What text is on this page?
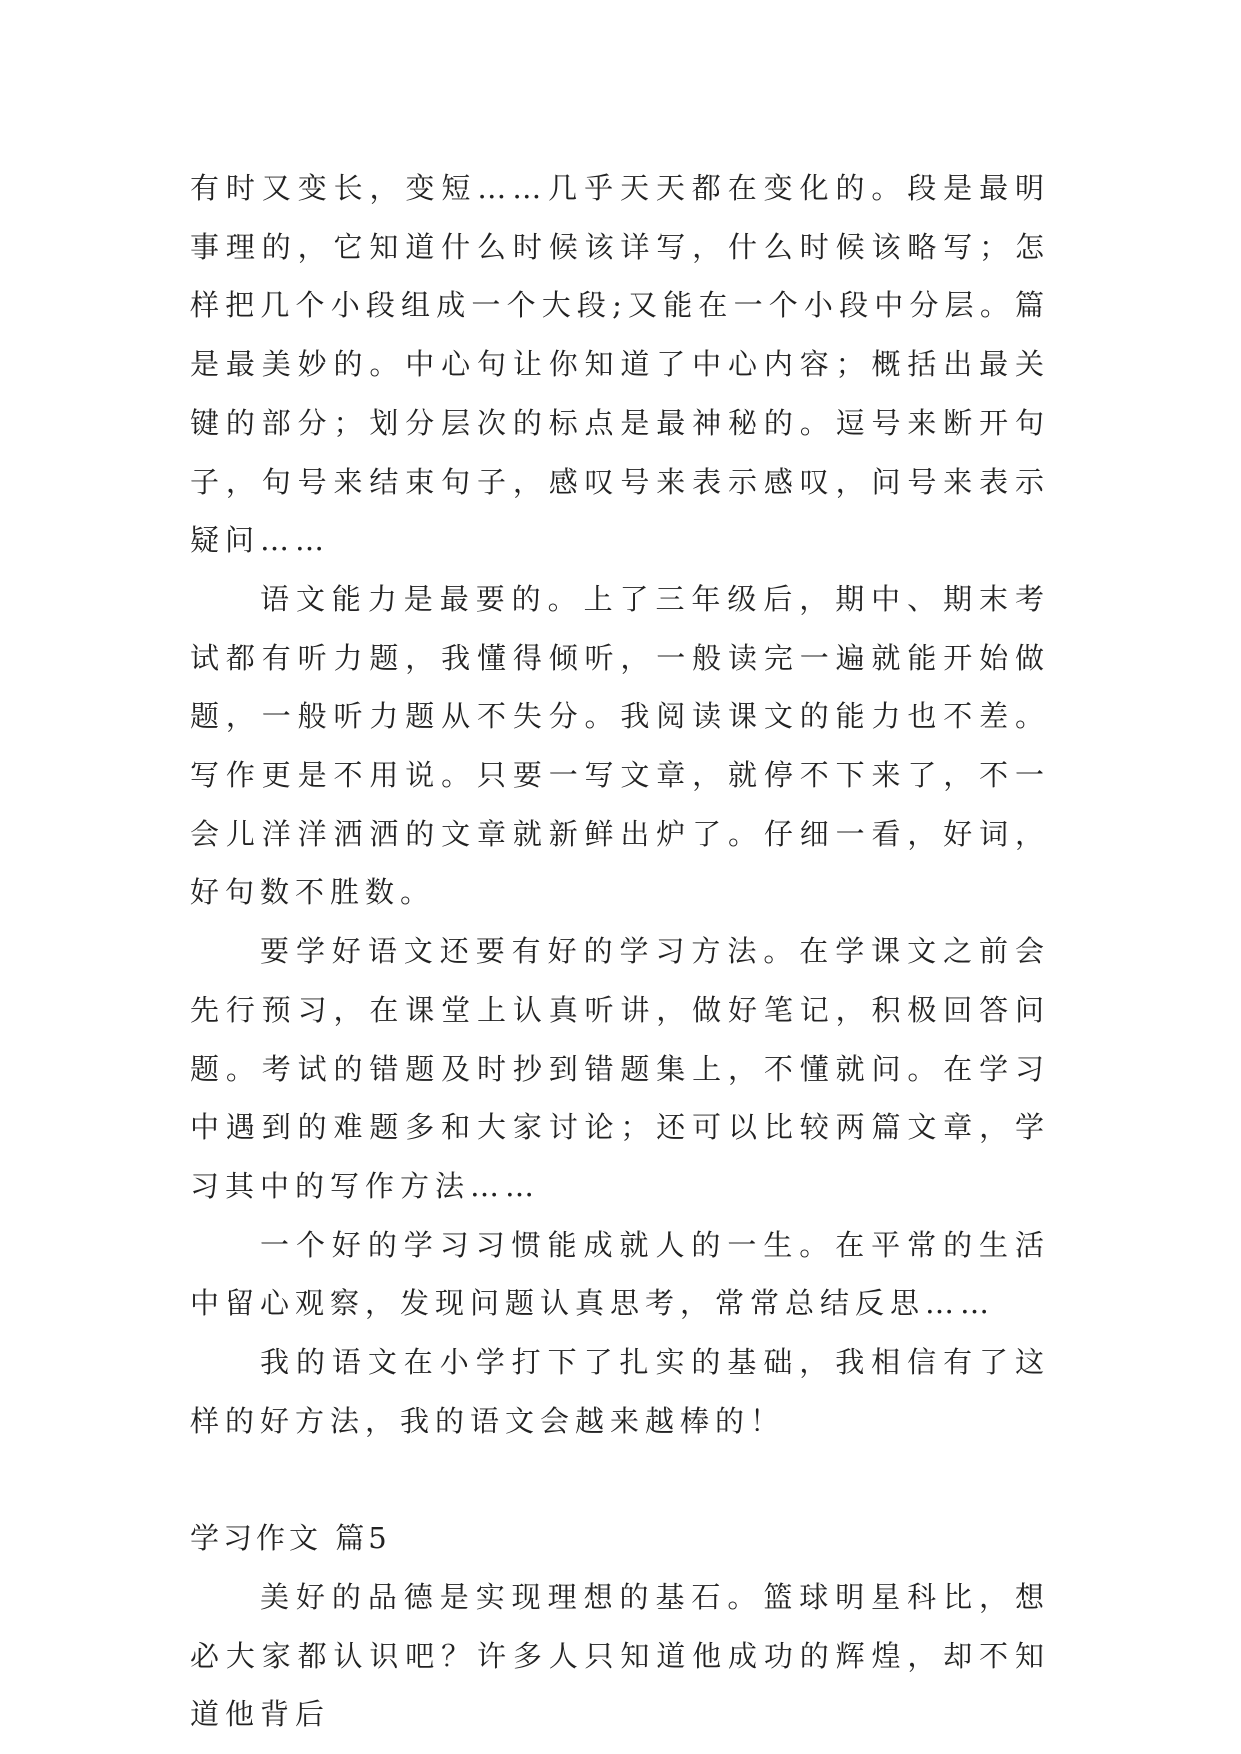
有时又变长，变短……几乎天天都在变化的。段是最明事理的，它知道什么时候该详写，什么时候该略写；怎样把几个小段组成一个大段;又能在一个小段中分层。篇是最美妙的。中心句让你知道了中心内容；概括出最关键的部分；划分层次的标点是最神秘的。逗号来断开句子，句号来结束句子，感叹号来表示感叹，问号来表示疑问……

语文能力是最要的。上了三年级后，期中、期末考试都有听力题，我懂得倾听，一般读完一遍就能开始做题，一般听力题从不失分。我阅读课文的能力也不差。写作更是不用说。只要一写文章，就停不下来了，不一会儿洋洋洒洒的文章就新鲜出炉了。仔细一看，好词，好句数不胜数。

要学好语文还要有好的学习方法。在学课文之前会先行预习，在课堂上认真听讲，做好笔记，积极回答问题。考试的错题及时抄到错题集上，不懂就问。在学习中遇到的难题多和大家讨论；还可以比较两篇文章，学习其中的写作方法……

一个好的学习习惯能成就人的一生。在平常的生活中留心观察，发现问题认真思考，常常总结反思……

我的语文在小学打下了扎实的基础，我相信有了这样的好方法，我的语文会越来越棒的！

学习作文 篇5

美好的品德是实现理想的基石。篮球明星科比，想必大家都认识吧？许多人只知道他成功的辉煌，却不知道他背后
